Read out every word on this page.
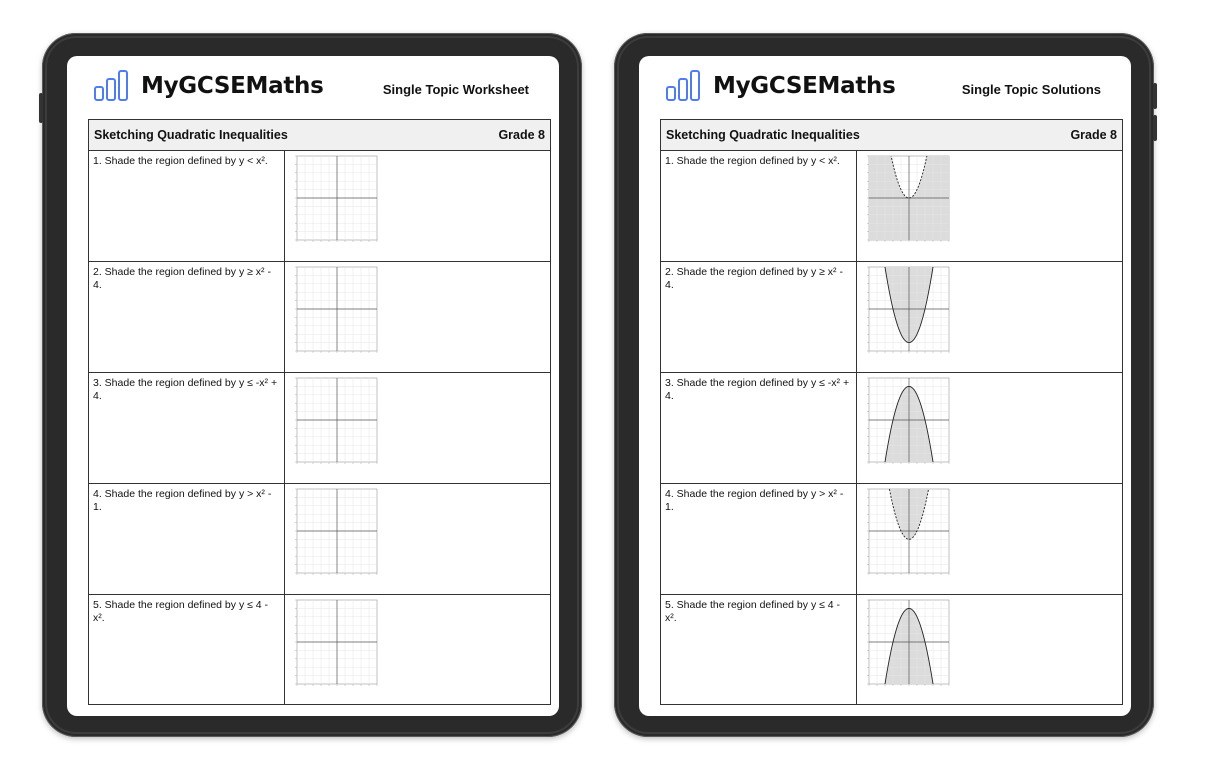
MyGCSEMaths	Single Topic Worksheet
Sketching Quadratic Inequalities	Grade 8
1. Shade the region defined by y < x².
2. Shade the region defined by y ≥ x² - 4.
3. Shade the region defined by y ≤ -x² + 4.
4. Shade the region defined by y > x² - 1.
5. Shade the region defined by y ≤ 4 - x².
MyGCSEMaths	Single Topic Solutions
Sketching Quadratic Inequalities	Grade 8
1. Shade the region defined by y < x².
2. Shade the region defined by y ≥ x² - 4.
3. Shade the region defined by y ≤ -x² + 4.
4. Shade the region defined by y > x² - 1.
5. Shade the region defined by y ≤ 4 - x².
